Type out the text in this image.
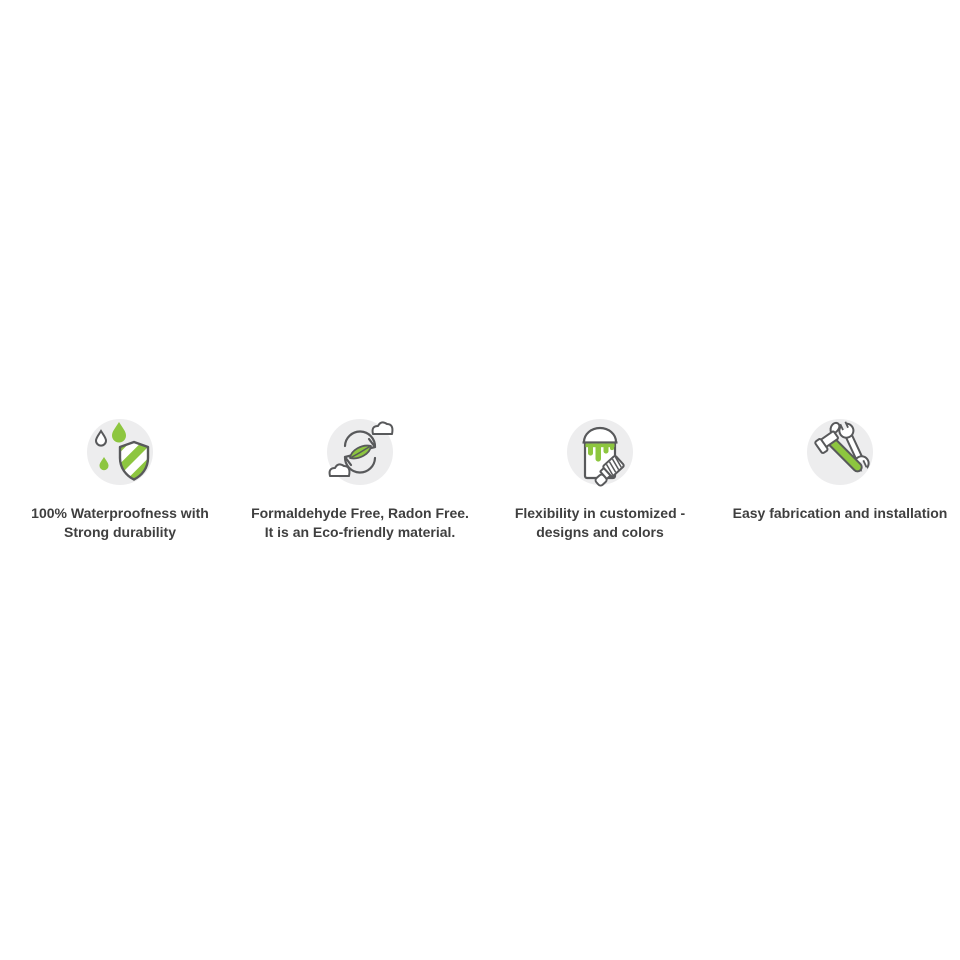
100% Waterproofness with
Strong durability
Formaldehyde Free, Radon Free.
It is an Eco-friendly material.
Flexibility in customized -
designs and colors
Easy fabrication and installation
